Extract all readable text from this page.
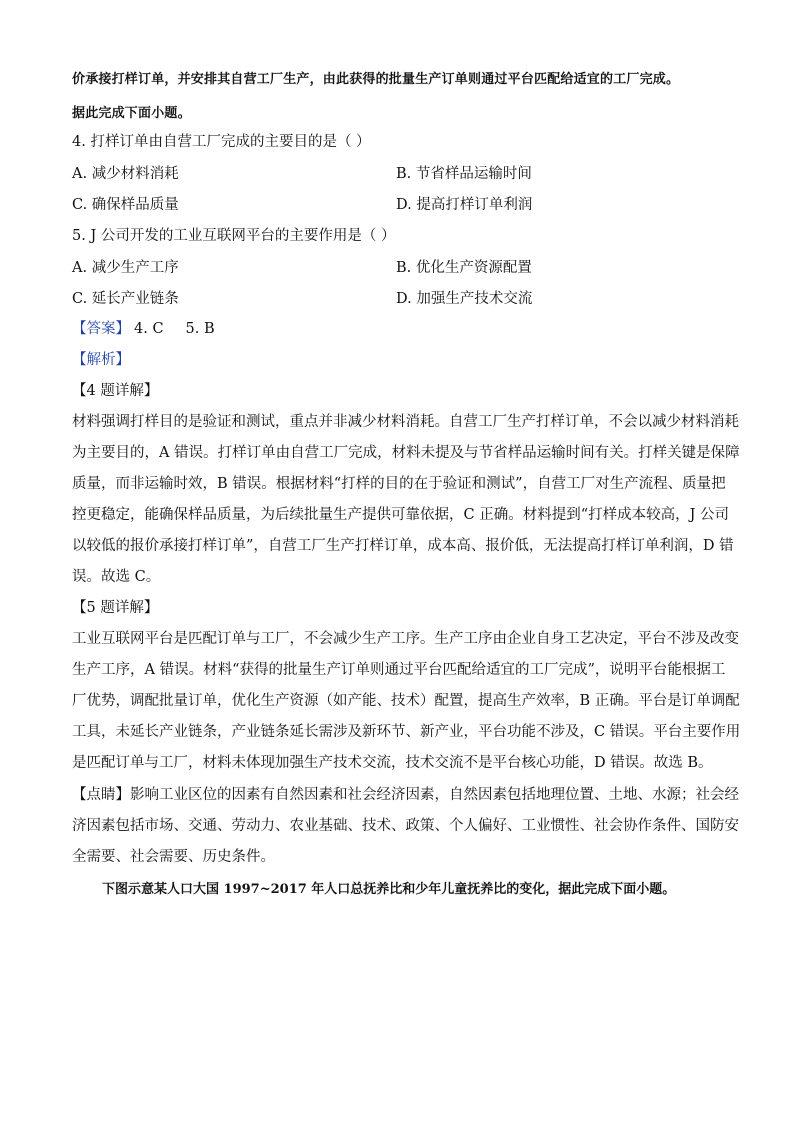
价承接打样订单，并安排其自营工厂生产，由此获得的批量生产订单则通过平台匹配给适宜的工厂完成。
据此完成下面小题。
4. 打样订单由自营工厂完成的主要目的是（ ）
A. 减少材料消耗	B. 节省样品运输时间
C. 确保样品质量	D. 提高打样订单利润
5. J 公司开发的工业互联网平台的主要作用是（ ）
A. 减少生产工序	B. 优化生产资源配置
C. 延长产业链条	D. 加强生产技术交流
【答案】 4. C 5. B
【解析】
【4 题详解】
材料强调打样目的是验证和测试，重点并非减少材料消耗。自营工厂生产打样订单，不会以减少材料消耗
为主要目的，A 错误。打样订单由自营工厂完成，材料未提及与节省样品运输时间有关。打样关键是保障
质量，而非运输时效，B 错误。根据材料“打样的目的在于验证和测试”，自营工厂对生产流程、质量把
控更稳定，能确保样品质量，为后续批量生产提供可靠依据，C 正确。材料提到“打样成本较高，J 公司
以较低的报价承接打样订单”，自营工厂生产打样订单，成本高、报价低，无法提高打样订单利润，D 错
误。故选 C。
【5 题详解】
工业互联网平台是匹配订单与工厂，不会减少生产工序。生产工序由企业自身工艺决定，平台不涉及改变
生产工序，A 错误。材料“获得的批量生产订单则通过平台匹配给适宜的工厂完成”，说明平台能根据工
厂优势，调配批量订单，优化生产资源（如产能、技术）配置，提高生产效率，B 正确。平台是订单调配
工具，未延长产业链条，产业链条延长需涉及新环节、新产业，平台功能不涉及，C 错误。平台主要作用
是匹配订单与工厂，材料未体现加强生产技术交流，技术交流不是平台核心功能，D 错误。故选 B。
【点睛】影响工业区位的因素有自然因素和社会经济因素，自然因素包括地理位置、土地、水源；社会经
济因素包括市场、交通、劳动力、农业基础、技术、政策、个人偏好、工业惯性、社会协作条件、国防安
全需要、社会需要、历史条件。
下图示意某人口大国 1997~2017 年人口总抚养比和少年儿童抚养比的变化，据此完成下面小题。
